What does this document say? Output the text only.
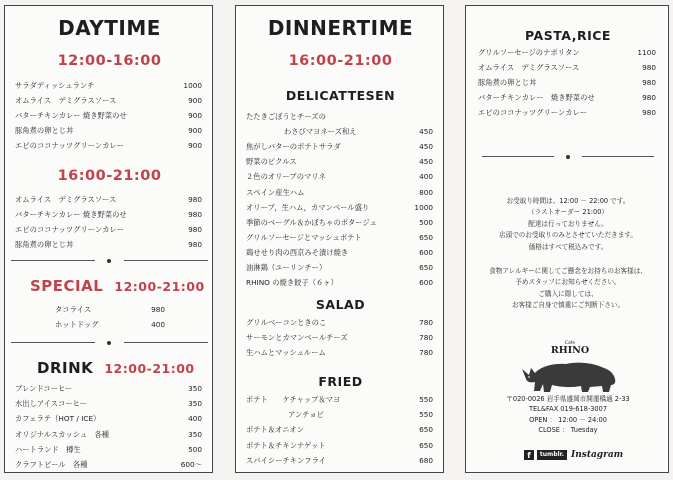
DAYTIME
12:00-16:00
サラダディッシュランチ	1000
オムライス　デミグラスソース	900
バターチキンカレー 焼き野菜のせ	900
豚角煮の卵とじ丼	900
エビのココナッツグリーンカレー	900
16:00-21:00
オムライス　デミグラスソース	980
バターチキンカレー 焼き野菜のせ	980
エビのココナッツグリーンカレー	980
豚角煮の卵とじ丼	980
SPECIAL 12:00-21:00
タコライス	980
ホットドッグ	400
DRINK 12:00-21:00
ブレンドコーヒー	350
水出しアイスコーヒー	350
カフェラテ（HOT / ICE）	400
オリジナルスカッシュ　各種	350
ハートランド　樽生	500
クラフトビール　各種	600〜
DINNERTIME
16:00-21:00
DELICATTESEN
たたきごぼうとチーズの
わさびマヨネーズ和え	450
焦がしバターのポテトサラダ	450
野菜のピクルス	450
２色のオリーブのマリネ	400
スペイン産生ハム	800
オリーブ，生ハム，カマンベール盛り	1000
季節のベーグル＆かぼちゃのポタージュ	500
グリルソーセージとマッシュポテト	650
鶏せせり肉の西京みそ漬け焼き	600
油淋鶏（ユーリンチー）	650
RHINO の焼き餃子（６ヶ）	600
SALAD
グリルベーコンときのこ	780
サーモンとカマンベールチーズ	780
生ハムとマッシュルーム	780
FRIED
ポテト　　ケチャップ＆マヨ	550
アンチョビ	550
ポテト＆オニオン	650
ポテト＆チキンナゲット	650
スパイシーチキンフライ	680
PASTA,RICE
グリルソーセージのナポリタン	1100
オムライス　デミグラスソース	980
豚角煮の卵とじ丼	980
バターチキンカレー　焼き野菜のせ	980
エビのココナッツグリーンカレー	980
お受取り時間は、12:00 － 22:00 です。
（ラストオーダー 21:00）
配達は行っておりません。
店頭でのお受取りのみとさせていただきます。
価格はすべて税込みです。
食物アレルギーに関してご懸念をお持ちのお客様は、
予めスタッフにお知らせください。
ご購入に際しては、
お客様ご自身で慎重にご判断下さい。
Cafe
RHINO
〒020-0026 岩手県盛岡市開運橋通 2-33
TEL&FAX 019-618-3007
OPEN ： 12:00 － 24:00
CLOSE ： Tuesday
f	tumblr. Instagram
